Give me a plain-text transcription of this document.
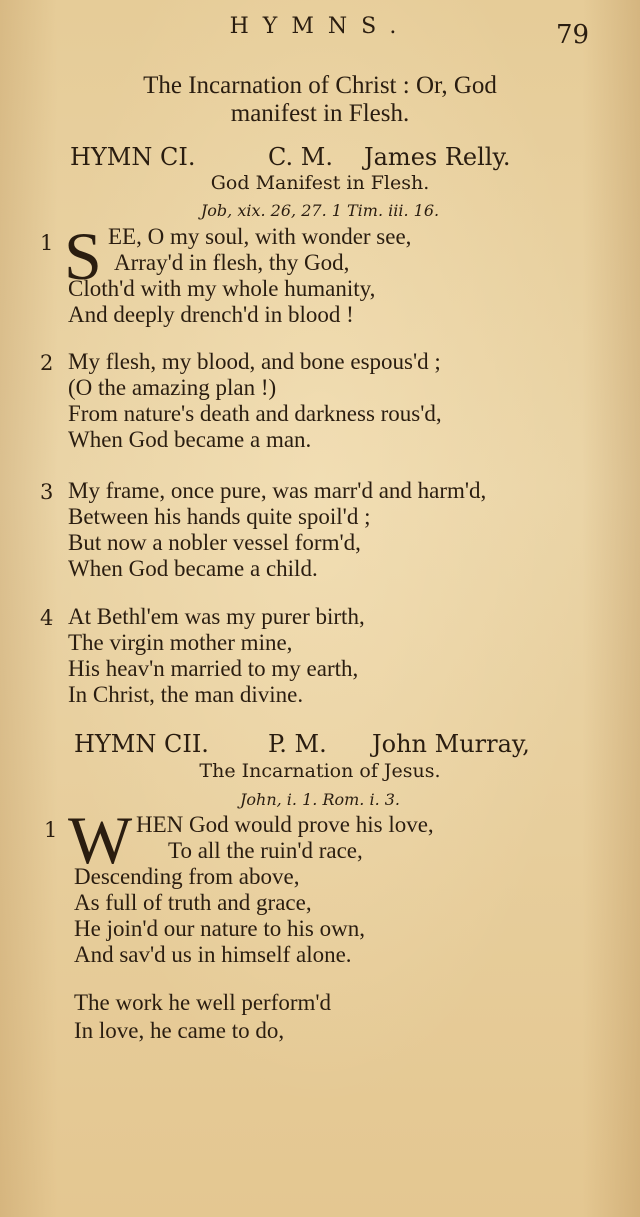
HYMNS.	79
The Incarnation of Christ : Or, God
manifest in Flesh.
HYMN CI.	C. M. James Relly.
God Manifest in Flesh.
Job, xix. 26, 27. 1 Tim. iii. 16.
1 S EE, O my soul, with wonder see,
Array'd in flesh, thy God,
Cloth'd with my whole humanity,
And deeply drench'd in blood !
2 My flesh, my blood, and bone espous'd ;
(O the amazing plan !)
From nature's death and darkness rous'd,
When God became a man.
3 My frame, once pure, was marr'd and harm'd,
Between his hands quite spoil'd ;
But now a nobler vessel form'd,
When God became a child.
4 At Bethl'em was my purer birth,
The virgin mother mine,
His heav'n married to my earth,
In Christ, the man divine.
HYMN CII. P. M. John Murray,
The Incarnation of Jesus.
John, i. 1. Rom. i. 3.
1 W HEN God would prove his love,
To all the ruin'd race,
Descending from above,
As full of truth and grace,
He join'd our nature to his own,
And sav'd us in himself alone.
The work he well perform'd
In love, he came to do,
